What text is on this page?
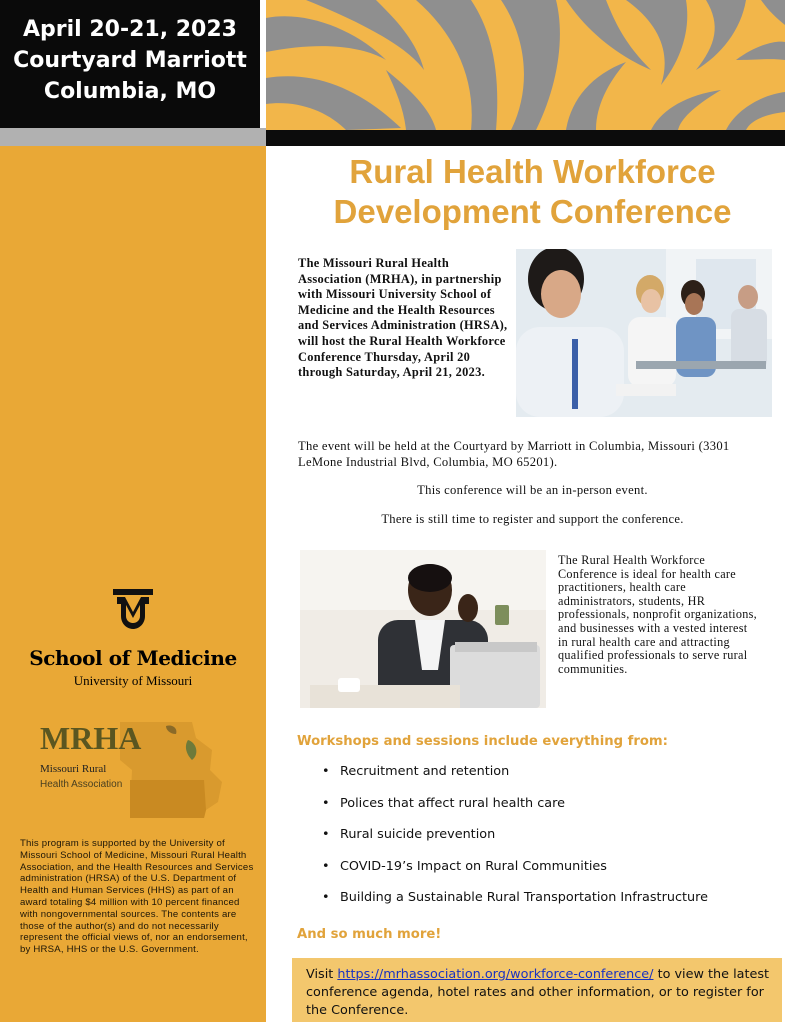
April 20-21, 2023
Courtyard Marriott
Columbia, MO
School of Medicine
University of Missouri
MRHA
Missouri Rural
Health Association
This program is supported by the University of Missouri School of Medicine, Missouri Rural Health Association, and the Health Resources and Services administration (HRSA) of the U.S. Department of Health and Human Services (HHS) as part of an award totaling $4 million with 10 percent financed with nongovernmental sources. The contents are those of the author(s) and do not necessarily represent the official views of, nor an endorsement, by HRSA, HHS or the U.S. Government.
Rural Health Workforce
Development Conference
The Missouri Rural Health Association (MRHA), in partnership with Missouri University School of Medicine and the Health Resources and Services Administration (HRSA), will host the Rural Health Workforce Conference Thursday, April 20 through Saturday, April 21, 2023.
The event will be held at the Courtyard by Marriott in Columbia, Missouri (3301 LeMone Industrial Blvd, Columbia, MO 65201).
This conference will be an in-person event.
There is still time to register and support the conference.
The Rural Health Workforce Conference is ideal for health care practitioners, health care administrators, students, HR professionals, nonprofit organizations, and businesses with a vested interest in rural health care and attracting qualified professionals to serve rural communities.
Workshops and sessions include everything from:
• Recruitment and retention
• Polices that affect rural health care
• Rural suicide prevention
• COVID-19’s Impact on Rural Communities
• Building a Sustainable Rural Transportation Infrastructure
And so much more!
Visit https://mrhassociation.org/workforce-conference/ to view the latest conference agenda, hotel rates and other information, or to register for the Conference.
